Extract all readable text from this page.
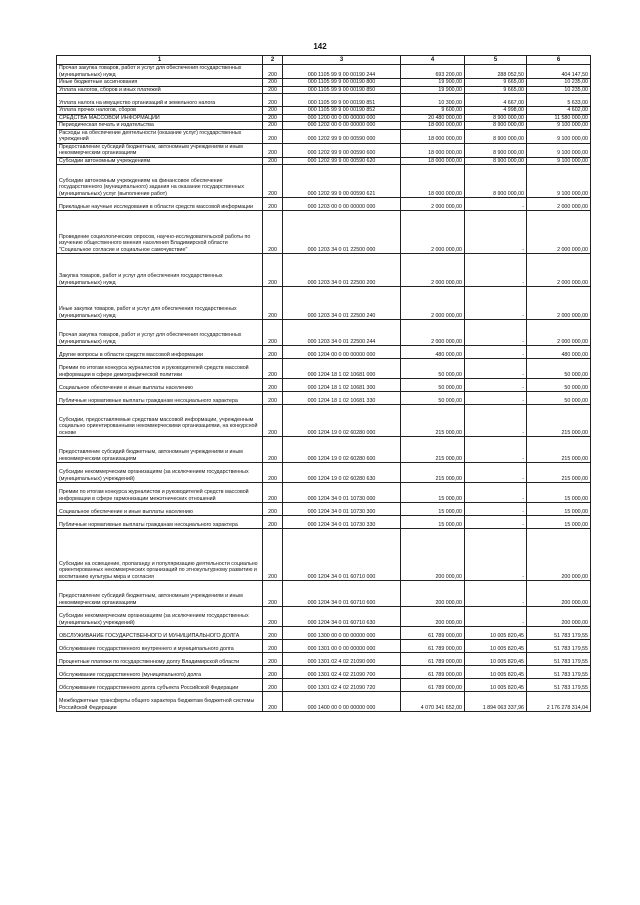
142
1	2	3	4	5	6
Прочая закупка товаров, работ и услуг для обеспечения государственных (муниципальных) нужд	200	000 1105 99 9 00 00190 244	693 200,00	288 052,50	404 147,50
Иные бюджетные ассигнования	200	000 1105 99 9 00 00190 800	19 900,00	9 665,00	10 235,00
Уплата налогов, сборов и иных платежей	200	000 1105 99 9 00 00190 850	19 900,00	9 665,00	10 235,00
Уплата налога на имущество организаций и земельного налога	200	000 1105 99 9 00 00190 851	10 300,00	4 667,00	5 633,00
Уплата прочих налогов, сборов	200	000 1105 99 9 00 00190 852	9 600,00	4 998,00	4 602,00
СРЕДСТВА МАССОВОЙ ИНФОРМАЦИИ	200	000 1200 00 0 00 00000 000	20 480 000,00	8 900 000,00	11 580 000,00
Периодическая печать и издательства	200	000 1202 00 0 00 00000 000	18 000 000,00	8 900 000,00	9 100 000,00
Расходы на обеспечение деятельности (оказание услуг) государственных учреждений	200	000 1202 99 9 00 00590 000	18 000 000,00	8 900 000,00	9 100 000,00
Предоставление субсидий бюджетным, автономным учреждениям и иным некоммерческим организациям	200	000 1202 99 9 00 00590 600	18 000 000,00	8 900 000,00	9 100 000,00
Субсидии автономным учреждениям	200	000 1202 99 9 00 00590 620	18 000 000,00	8 900 000,00	9 100 000,00
Субсидии автономным учреждениям на финансовое обеспечение государственного (муниципального) задания на оказание государственных (муниципальных) услуг (выполнение работ)	200	000 1202 99 9 00 00590 621	18 000 000,00	8 900 000,00	9 100 000,00
Прикладные научные исследования в области средств массовой информации	200	000 1203 00 0 00 00000 000	2 000 000,00	-	2 000 000,00
Проведение социологических опросов, научно-исследовательской работы по изучению общественного мнения населения Владимирской области "Социальное согласие и социальное самочувствие"	200	000 1203 34 0 01 22500 000	2 000 000,00	-	2 000 000,00
Закупка товаров, работ и услуг для обеспечения государственных (муниципальных) нужд	200	000 1203 34 0 01 22500 200	2 000 000,00	-	2 000 000,00
Иные закупки товаров, работ и услуг для обеспечения государственных (муниципальных) нужд	200	000 1203 34 0 01 22500 240	2 000 000,00	-	2 000 000,00
Прочая закупка товаров, работ и услуг для обеспечения государственных (муниципальных) нужд	200	000 1203 34 0 01 22500 244	2 000 000,00	-	2 000 000,00
Другие вопросы в области средств массовой информации	200	000 1204 00 0 00 00000 000	480 000,00	-	480 000,00
Премии по итогам конкурса журналистов и руководителей средств массовой информации в сфере демографической политики	200	000 1204 18 1 02 10681 000	50 000,00	-	50 000,00
Социальное обеспечение и иные выплаты населению	200	000 1204 18 1 02 10681 300	50 000,00	-	50 000,00
Публичные нормативные выплаты гражданам несоциального характера	200	000 1204 18 1 02 10681 330	50 000,00	-	50 000,00
Субсидии, предоставляемые средствам массовой информации, учрежденным социально ориентированными некоммерческими организациями, на конкурсной основе	200	000 1204 19 0 02 60280 000	215 000,00	-	215 000,00
Предоставление субсидий бюджетным, автономным учреждениям и иным некоммерческим организациям	200	000 1204 19 0 02 60280 600	215 000,00	-	215 000,00
Субсидии некоммерческим организациям (за исключением государственных (муниципальных) учреждений)	200	000 1204 19 0 02 60280 630	215 000,00	-	215 000,00
Премии по итогам конкурса журналистов и руководителей средств массовой информации в сфере гармонизации межэтнических отношений	200	000 1204 34 0 01 10730 000	15 000,00	-	15 000,00
Социальное обеспечение и иные выплаты населению	200	000 1204 34 0 01 10730 300	15 000,00	-	15 000,00
Публичные нормативные выплаты гражданам несоциального характера	200	000 1204 34 0 01 10730 330	15 000,00	-	15 000,00
Субсидии на освещение, пропаганду и популяризацию деятельности социально ориентированных некоммерческих организаций по этнокультурному развитию и воспитанию культуры мира и согласия	200	000 1204 34 0 01 60710 000	200 000,00	-	200 000,00
Предоставление субсидий бюджетным, автономным учреждениям и иным некоммерческим организациям	200	000 1204 34 0 01 60710 600	200 000,00	-	200 000,00
Субсидии некоммерческим организациям (за исключением государственных (муниципальных) учреждений)	200	000 1204 34 0 01 60710 630	200 000,00	-	200 000,00
ОБСЛУЖИВАНИЕ ГОСУДАРСТВЕННОГО И МУНИЦИПАЛЬНОГО ДОЛГА	200	000 1300 00 0 00 00000 000	61 789 000,00	10 005 820,45	51 783 179,55
Обслуживание государственного внутреннего и муниципального долга	200	000 1301 00 0 00 00000 000	61 789 000,00	10 005 820,45	51 783 179,55
Процентные платежи по государственному долгу Владимирской области	200	000 1301 02 4 02 21090 000	61 789 000,00	10 005 820,45	51 783 179,55
Обслуживание государственного (муниципального) долга	200	000 1301 02 4 02 21090 700	61 789 000,00	10 005 820,45	51 783 179,55
Обслуживание государственного долга субъекта Российской Федерации	200	000 1301 02 4 02 21090 720	61 789 000,00	10 005 820,45	51 783 179,55
Межбюджетные трансферты общего характера бюджетам бюджетной системы Российской Федерации	200	000 1400 00 0 00 00000 000	4 070 341 652,00	1 894 063 337,96	2 176 278 314,04
